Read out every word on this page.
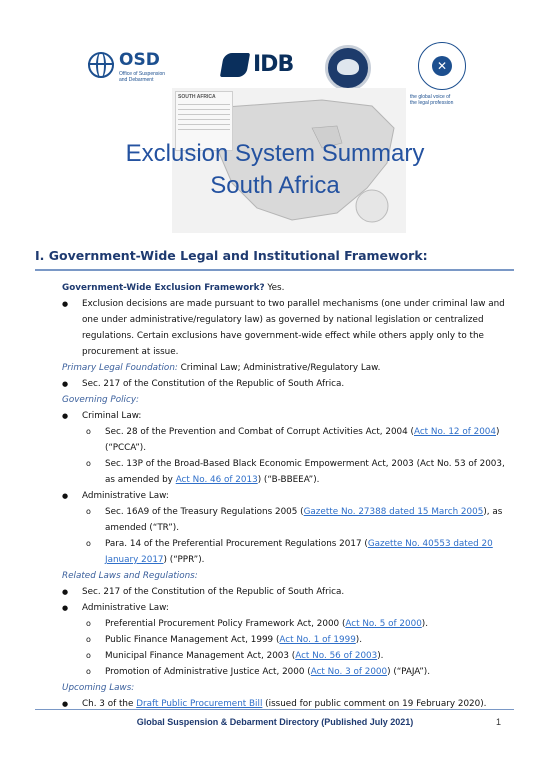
OSD
Office of Suspension
and Debarment
IDB	✕
the global voice of
the legal profession
SOUTH AFRICA
Exclusion System Summary
South Africa
I. Government-Wide Legal and Institutional Framework:

Government-Wide Exclusion Framework? Yes.

● Exclusion decisions are made pursuant to two parallel mechanisms (one under criminal law and one under administrative/regulatory law) as governed by national legislation or centralized regulations. Certain exclusions have government-wide effect while others apply only to the procurement at issue.

Primary Legal Foundation: Criminal Law; Administrative/Regulatory Law.

● Sec. 217 of the Constitution of the Republic of South Africa.

Governing Policy:

● Criminal Law:

o Sec. 28 of the Prevention and Combat of Corrupt Activities Act, 2004 (Act No. 12 of 2004) (“PCCA”).

o Sec. 13P of the Broad-Based Black Economic Empowerment Act, 2003 (Act No. 53 of 2003, as amended by Act No. 46 of 2013) (“B-BBEEA”).

● Administrative Law:

o Sec. 16A9 of the Treasury Regulations 2005 (Gazette No. 27388 dated 15 March 2005), as amended (“TR”).

o Para. 14 of the Preferential Procurement Regulations 2017 (Gazette No. 40553 dated 20 January 2017) (“PPR”).

Related Laws and Regulations:

● Sec. 217 of the Constitution of the Republic of South Africa.

● Administrative Law:

o Preferential Procurement Policy Framework Act, 2000 (Act No. 5 of 2000).

o Public Finance Management Act, 1999 (Act No. 1 of 1999).

o Municipal Finance Management Act, 2003 (Act No. 56 of 2003).

o Promotion of Administrative Justice Act, 2000 (Act No. 3 of 2000) (“PAJA”).

Upcoming Laws:

● Ch. 3 of the Draft Public Procurement Bill (issued for public comment on 19 February 2020).

Global Suspension & Debarment Directory (Published July 2021)	1
